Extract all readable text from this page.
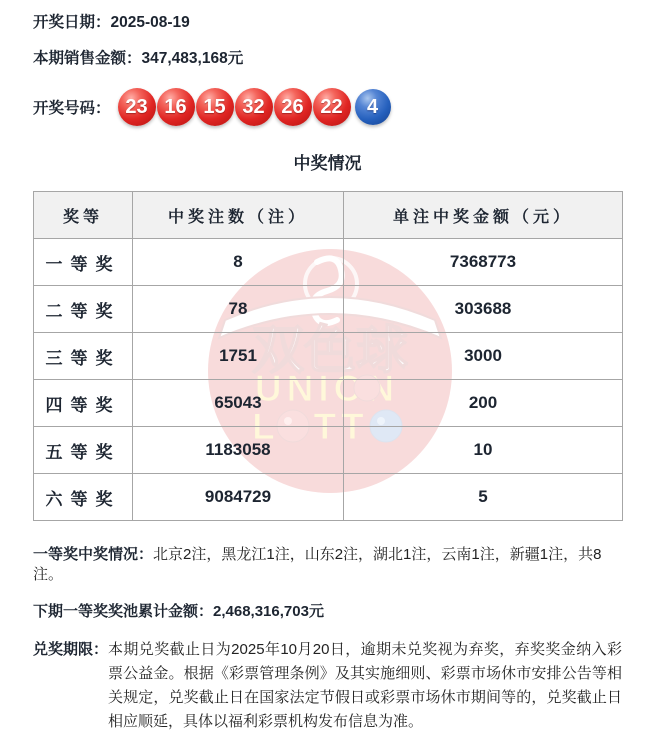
开奖日期：2025-08-19
本期销售金额：347,483,168元
开奖号码： 23 16 15 32 26 22	4
中奖情况
奖等	中奖注数（注）	单注中奖金额（元）
一等奖	8	7368773
二等奖	78	303688
三等奖	1751	3000
四等奖	65043	200
五等奖	1183058	10
六等奖	9084729	5
一等奖中奖情况：北京2注，黑龙江1注，山东2注，湖北1注，云南1注，新疆1注，共8注。
下期一等奖奖池累计金额：2,468,316,703元
兑奖期限： 本期兑奖截止日为2025年10月20日，逾期未兑奖视为弃奖，弃奖奖金纳入彩票公益金。根据《彩票管理条例》及其实施细则、彩票市场休市安排公告等相关规定，兑奖截止日在国家法定节假日或彩票市场休市期间等的，兑奖截止日相应顺延，具体以福利彩票机构发布信息为准。
双色球
UNION
LOTTO
